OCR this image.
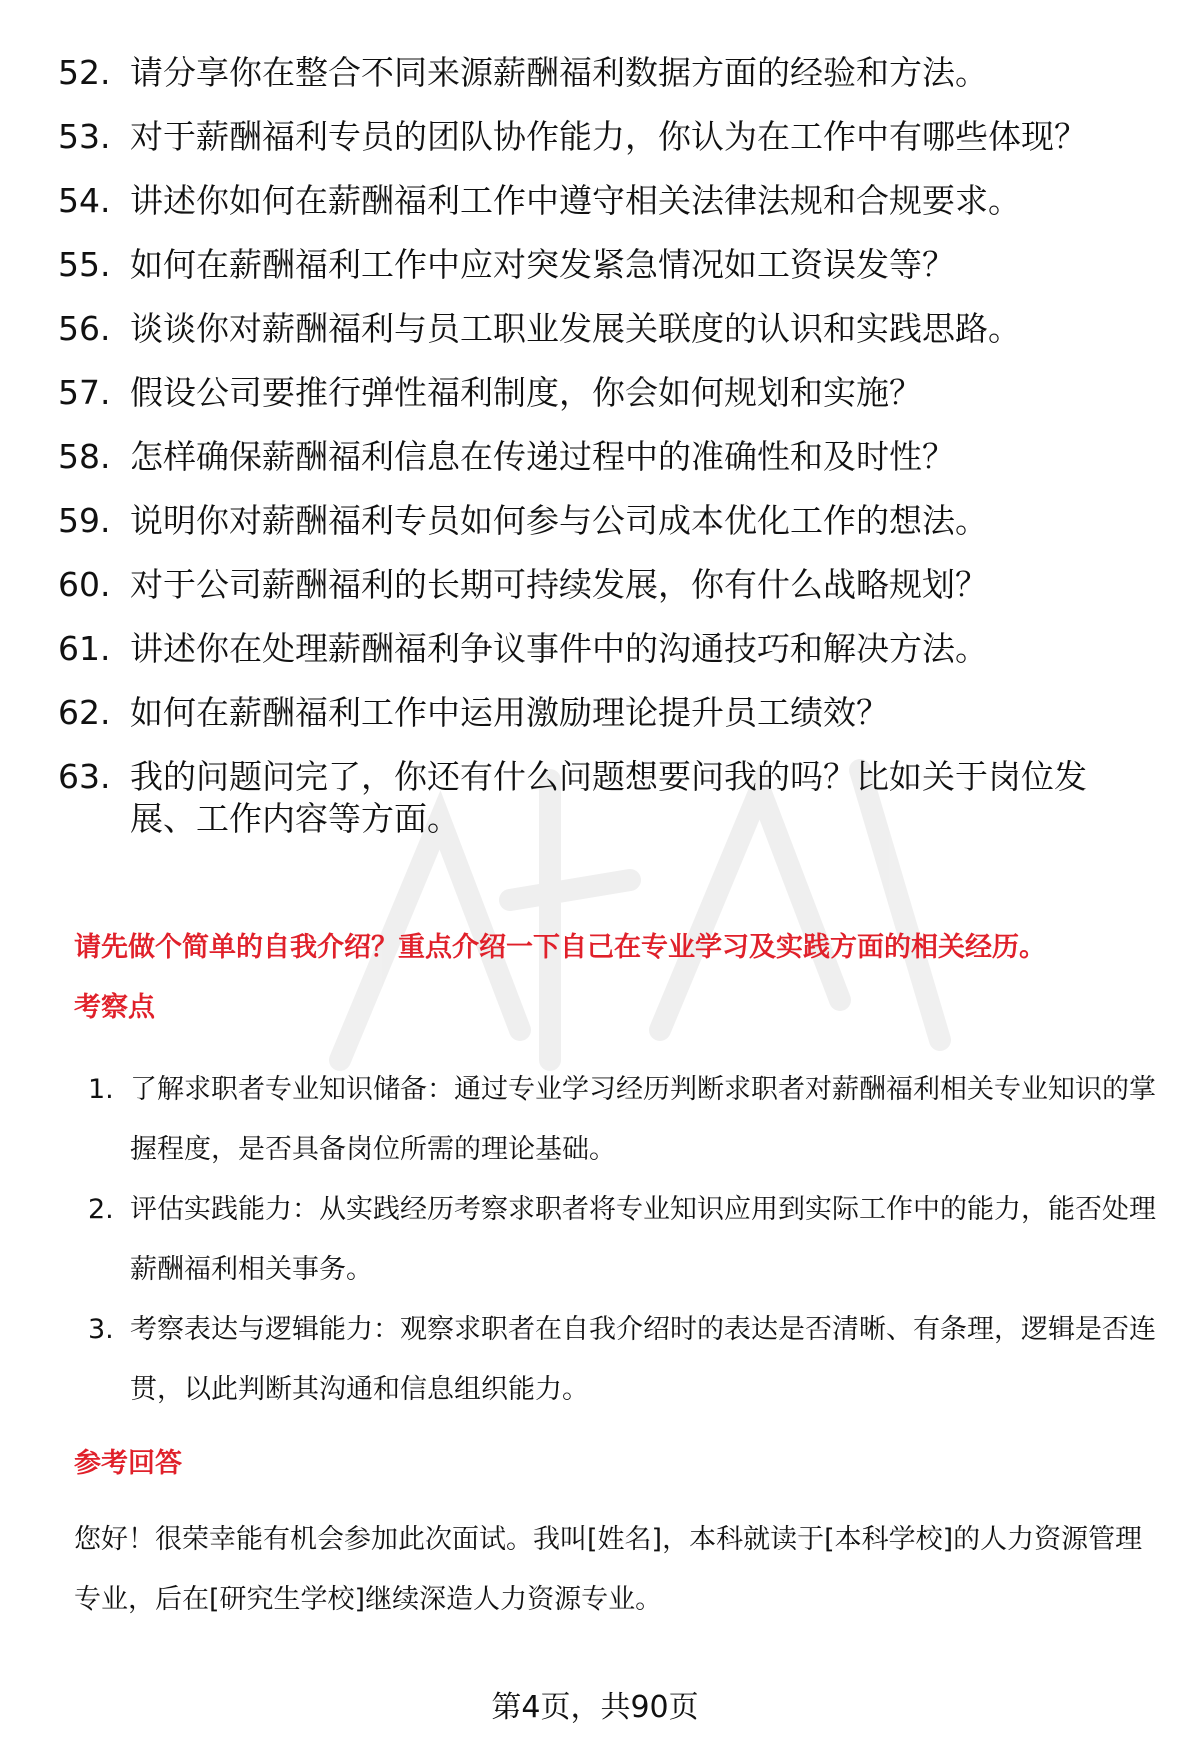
52. 请分享你在整合不同来源薪酬福利数据方面的经验和方法。
53. 对于薪酬福利专员的团队协作能力，你认为在工作中有哪些体现？
54. 讲述你如何在薪酬福利工作中遵守相关法律法规和合规要求。
55. 如何在薪酬福利工作中应对突发紧急情况如工资误发等？
56. 谈谈你对薪酬福利与员工职业发展关联度的认识和实践思路。
57. 假设公司要推行弹性福利制度，你会如何规划和实施？
58. 怎样确保薪酬福利信息在传递过程中的准确性和及时性？
59. 说明你对薪酬福利专员如何参与公司成本优化工作的想法。
60. 对于公司薪酬福利的长期可持续发展，你有什么战略规划？
61. 讲述你在处理薪酬福利争议事件中的沟通技巧和解决方法。
62. 如何在薪酬福利工作中运用激励理论提升员工绩效？
63. 我的问题问完了，你还有什么问题想要问我的吗？比如关于岗位发展、工作内容等方面。
请先做个简单的自我介绍？重点介绍一下自己在专业学习及实践方面的相关经历。
考察点
1. 了解求职者专业知识储备：通过专业学习经历判断求职者对薪酬福利相关专业知识的掌握程度，是否具备岗位所需的理论基础。
2. 评估实践能力：从实践经历考察求职者将专业知识应用到实际工作中的能力，能否处理薪酬福利相关事务。
3. 考察表达与逻辑能力：观察求职者在自我介绍时的表达是否清晰、有条理，逻辑是否连贯，以此判断其沟通和信息组织能力。
参考回答
您好！很荣幸能有机会参加此次面试。我叫[姓名]，本科就读于[本科学校]的人力资源管理专业，后在[研究生学校]继续深造人力资源专业。
第4页，共90页
